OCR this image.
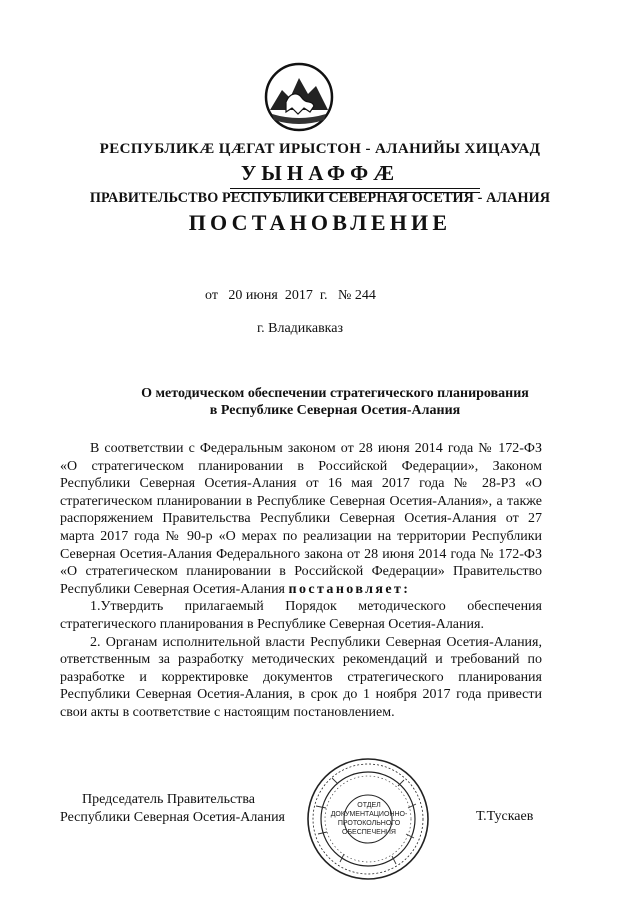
РЕСПУБЛИКӔ ЦӔГАТ ИРЫСТОН - АЛАНИЙЫ ХИЦАУАД
УЫНАФФӔ
ПРАВИТЕЛЬСТВО РЕСПУБЛИКИ СЕВЕРНАЯ ОСЕТИЯ - АЛАНИЯ
ПОСТАНОВЛЕНИЕ
от   20 июня  2017  г.   № 244
г. Владикавказ
О методическом обеспечении стратегического планирования
в Республике Северная Осетия-Алания

В соответствии с Федеральным законом от 28 июня 2014 года № 172-ФЗ «О стратегическом планировании в Российской Федерации», Законом Республики Северная Осетия-Алания от 16 мая 2017 года № 28-РЗ «О стратегическом планировании в Республике Северная Осетия-Алания», а также распоряжением Правительства Республики Северная Осетия-Алания от 27 марта 2017 года № 90-р «О мерах по реализации на территории Республики Северная Осетия-Алания Федерального закона от 28 июня 2014 года № 172-ФЗ «О стратегическом планировании в Российской Федерации» Правительство Республики Северная Осетия-Алания постановляет:

1.Утвердить прилагаемый Порядок методического обеспечения стратегического планирования в Республике Северная Осетия-Алания.

2. Органам исполнительной власти Республики Северная Осетия-Алания, ответственным за разработку методических рекомендаций и требований по разработке и корректировке документов стратегического планирования Республики Северная Осетия-Алания, в срок до 1 ноября 2017 года привести свои акты в соответствие с настоящим постановлением.

Председатель Правительства
Республики Северная Осетия-Алания
ОТДЕЛ
ДОКУМЕНТАЦИОННО-
ПРОТОКОЛЬНОГО
ОБЕСПЕЧЕНИЯ
Т.Тускаев
